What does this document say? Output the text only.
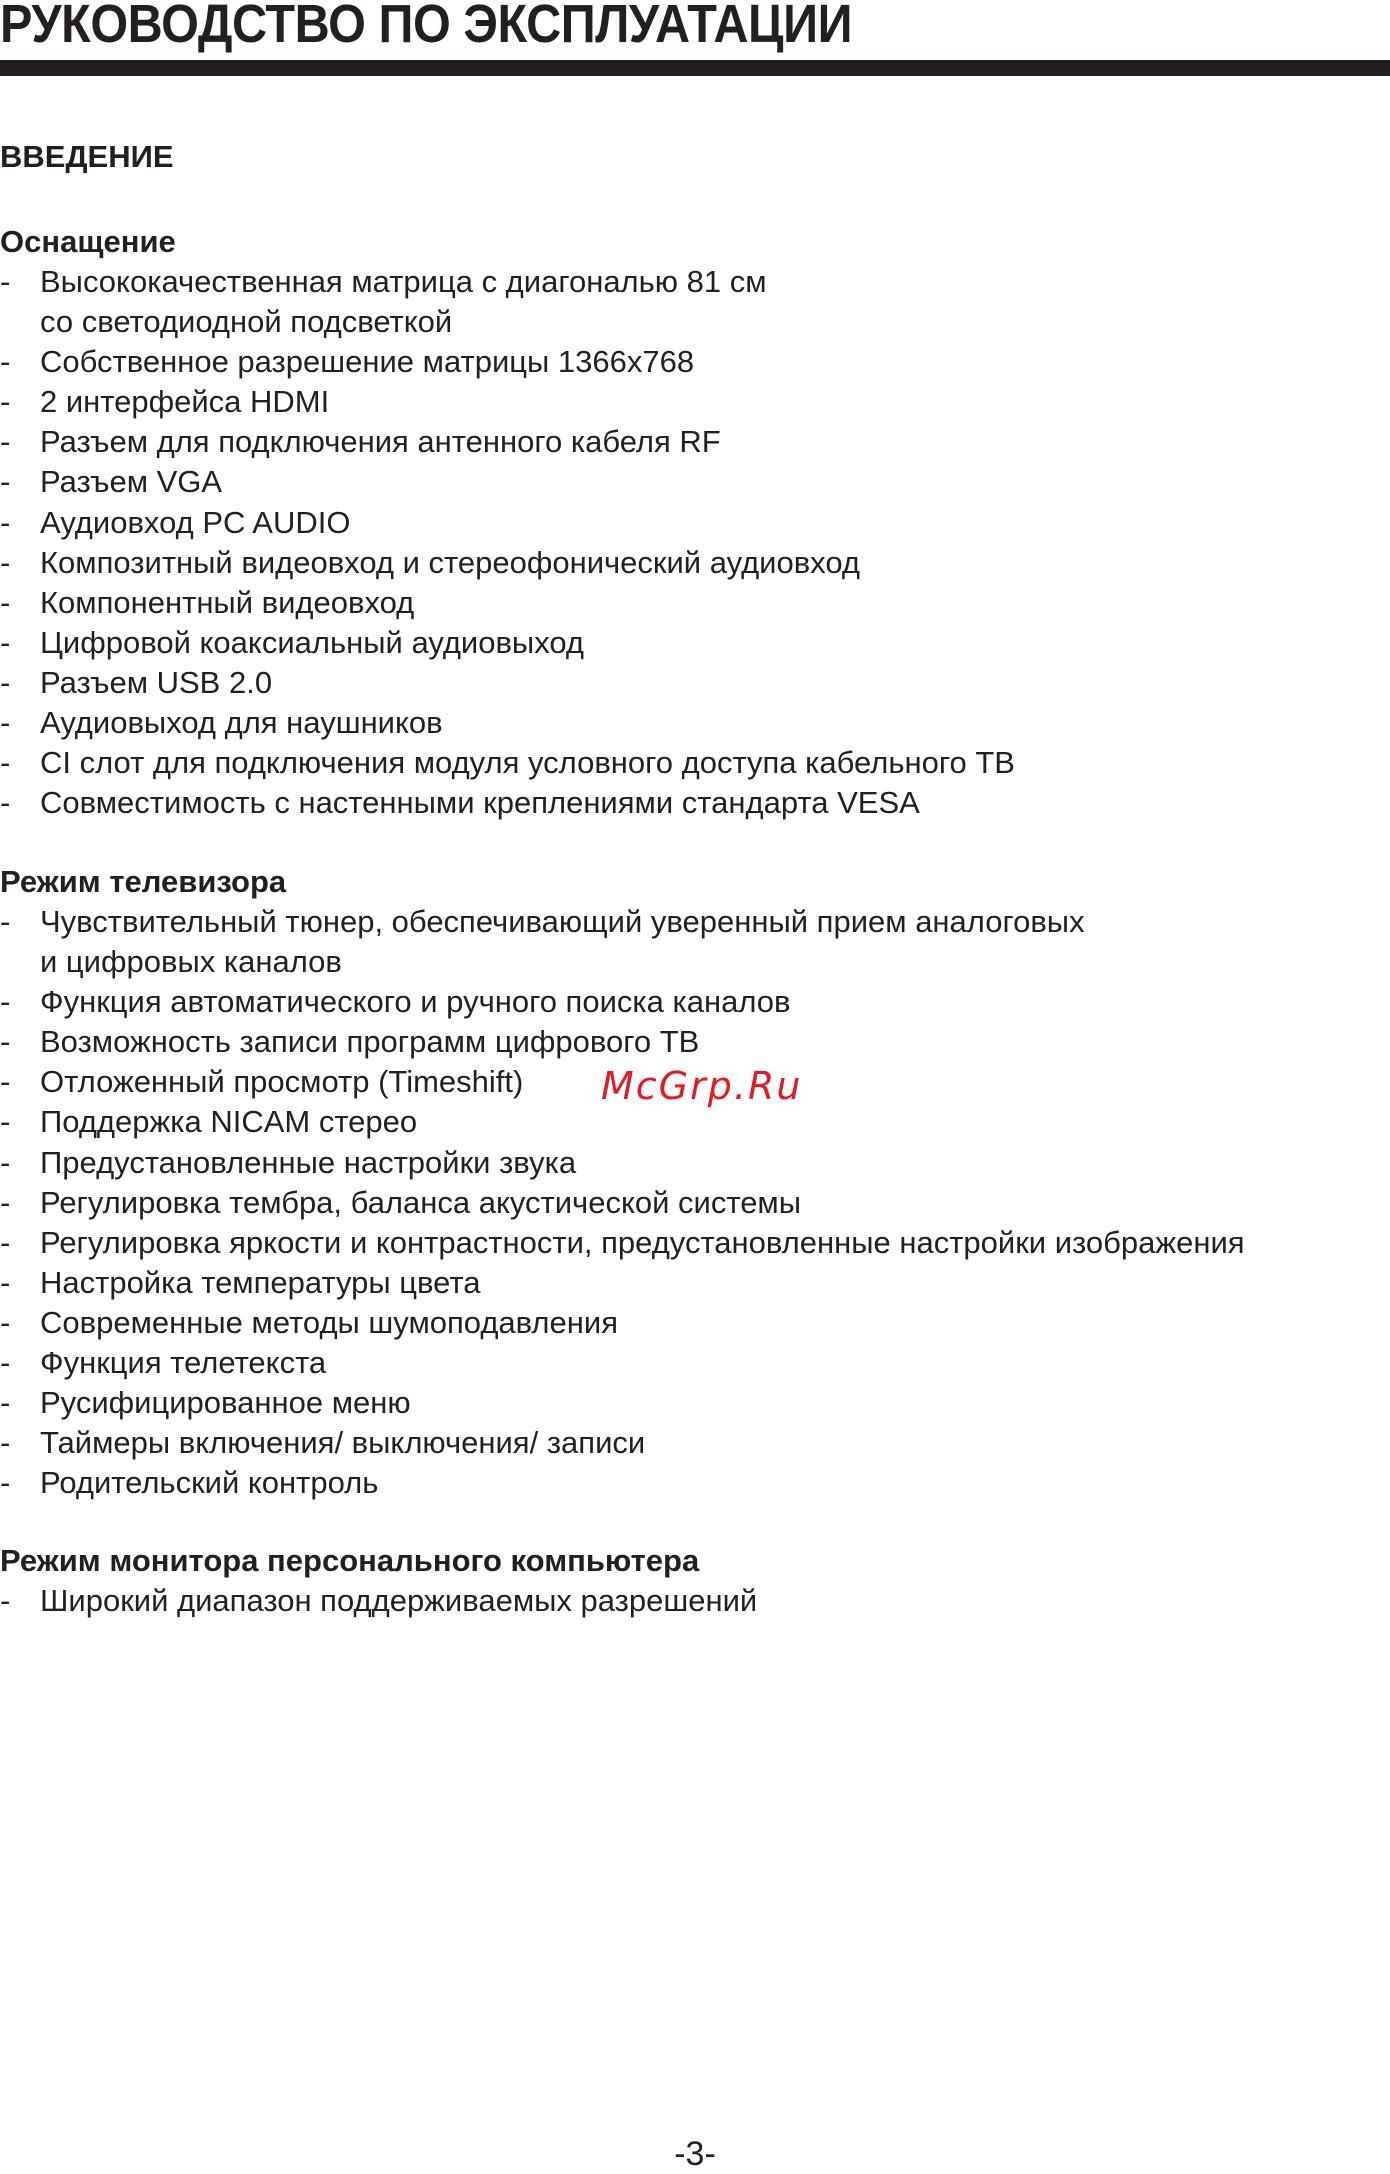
РУКОВОДСТВО ПО ЭКСПЛУАТАЦИИ
ВВЕДЕНИЕ
Оснащение
- Высококачественная матрица с диагональю 81 см
со светодиодной подсветкой
- Собственное разрешение матрицы 1366x768
- 2 интерфейса HDMI
- Разъем для подключения антенного кабеля RF
- Разъем VGA
- Аудиовход PC AUDIO
- Композитный видеовход и стереофонический аудиовход
- Компонентный видеовход
- Цифровой коаксиальный аудиовыход
- Разъем USB 2.0
- Аудиовыход для наушников
- CI слот для подключения модуля условного доступа кабельного ТВ
- Совместимость с настенными креплениями стандарта VESA
Режим телевизора
- Чувствительный тюнер, обеспечивающий уверенный прием аналоговых
и цифровых каналов
- Функция автоматического и ручного поиска каналов
- Возможность записи программ цифрового ТВ
- Отложенный просмотр (Timeshift)
- Поддержка NICAM стерео
- Предустановленные настройки звука
- Регулировка тембра, баланса акустической системы
- Регулировка яркости и контрастности, предустановленные настройки изображения
- Настройка температуры цвета
- Современные методы шумоподавления
- Функция телетекста
- Русифицированное меню
- Таймеры включения/ выключения/ записи
- Родительский контроль
Режим монитора персонального компьютера
- Широкий диапазон поддерживаемых разрешений
McGrp.Ru
-3-
